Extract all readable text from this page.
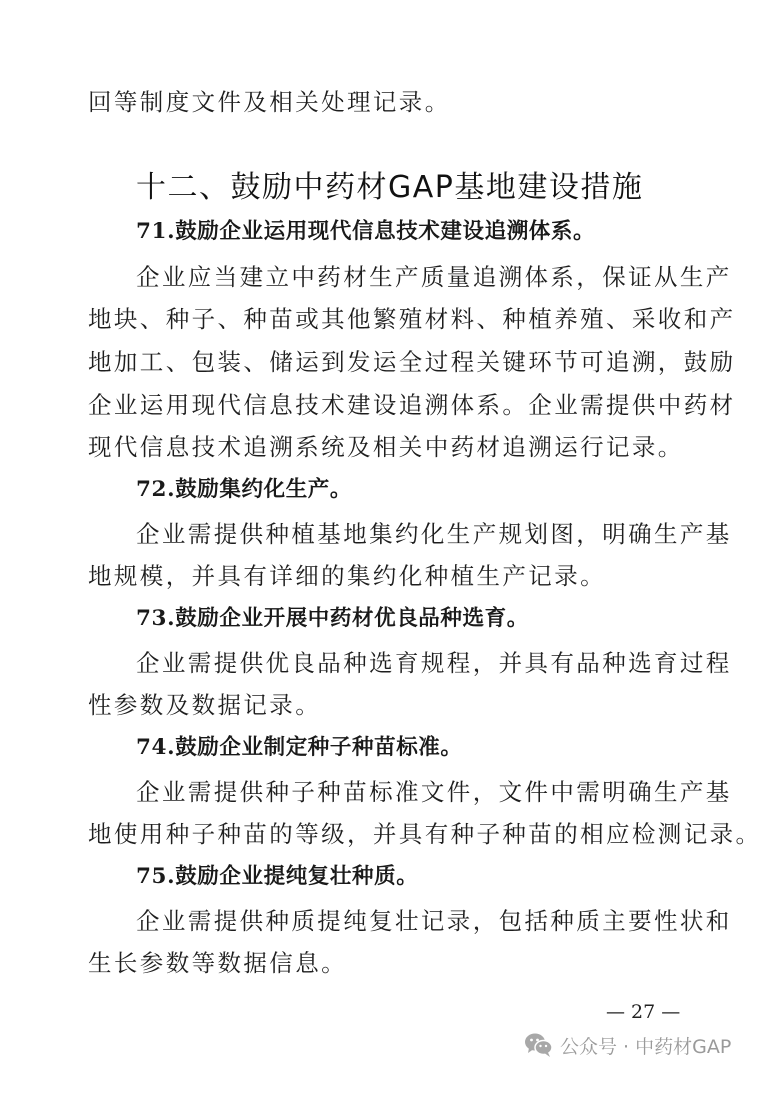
回等制度文件及相关处理记录。
十二、鼓励中药材GAP基地建设措施
71.鼓励企业运用现代信息技术建设追溯体系。
企业应当建立中药材生产质量追溯体系，保证从生产
地块、种子、种苗或其他繁殖材料、种植养殖、采收和产
地加工、包装、储运到发运全过程关键环节可追溯，鼓励
企业运用现代信息技术建设追溯体系。企业需提供中药材
现代信息技术追溯系统及相关中药材追溯运行记录。
72.鼓励集约化生产。
企业需提供种植基地集约化生产规划图，明确生产基
地规模，并具有详细的集约化种植生产记录。
73.鼓励企业开展中药材优良品种选育。
企业需提供优良品种选育规程，并具有品种选育过程
性参数及数据记录。
74.鼓励企业制定种子种苗标准。
企业需提供种子种苗标准文件，文件中需明确生产基
地使用种子种苗的等级，并具有种子种苗的相应检测记录。
75.鼓励企业提纯复壮种质。
企业需提供种质提纯复壮记录，包括种质主要性状和
生长参数等数据信息。
— 27 —
公众号 · 中药材GAP
